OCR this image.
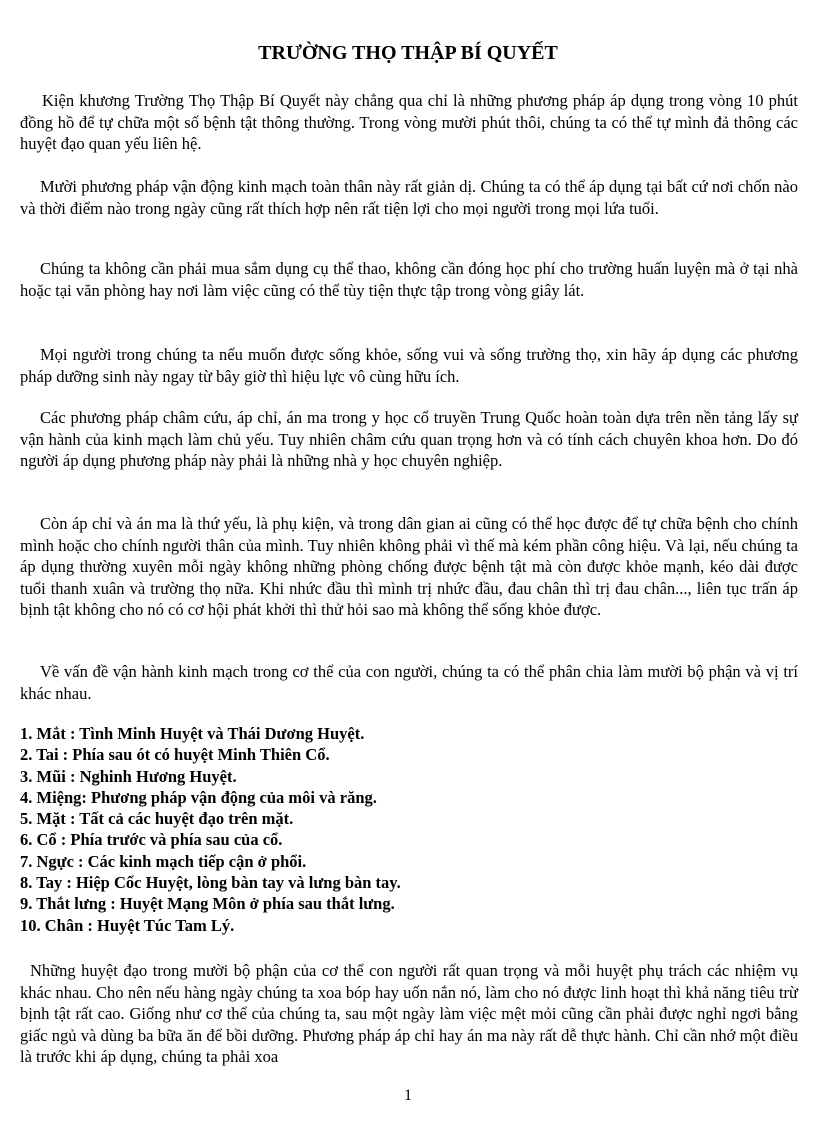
TRƯỜNG THỌ THẬP BÍ QUYẾT

Kiện khương Trường Thọ Thập Bí Quyết này chẳng qua chỉ là những phương pháp áp dụng trong vòng 10 phút đồng hồ để tự chữa một số bệnh tật thông thường. Trong vòng mười phút thôi, chúng ta có thể tự mình đả thông các huyệt đạo quan yếu liên hệ.

Mười phương pháp vận động kinh mạch toàn thân này rất giản dị. Chúng ta có thể áp dụng tại bất cứ nơi chốn nào và thời điểm nào trong ngày cũng rất thích hợp nên rất tiện lợi cho mọi người trong mọi lứa tuổi.

Chúng ta không cần phải mua sắm dụng cụ thể thao, không cần đóng học phí cho trường huấn luyện mà ở tại nhà hoặc tại văn phòng hay nơi làm việc cũng có thể tùy tiện thực tập trong vòng giây lát.

Mọi người trong chúng ta nếu muốn được sống khỏe, sống vui và sống trường thọ, xin hãy áp dụng các phương pháp dưỡng sinh này ngay từ bây giờ thì hiệu lực vô cùng hữu ích.

Các phương pháp châm cứu, áp chỉ, án ma trong y học cổ truyền Trung Quốc hoàn toàn dựa trên nền tảng lấy sự vận hành của kinh mạch làm chủ yếu. Tuy nhiên châm cứu quan trọng hơn và có tính cách chuyên khoa hơn. Do đó người áp dụng phương pháp này phải là những nhà y học chuyên nghiệp.

Còn áp chỉ và án ma là thứ yếu, là phụ kiện, và trong dân gian ai cũng có thể học được để tự chữa bệnh cho chính mình hoặc cho chính người thân của mình. Tuy nhiên không phải vì thế mà kém phần công hiệu. Và lại, nếu chúng ta áp dụng thường xuyên mỗi ngày không những phòng chống được bệnh tật mà còn được khỏe mạnh, kéo dài được tuổi thanh xuân và trường thọ nữa. Khi nhức đầu thì mình trị nhức đầu, đau chân thì trị đau chân..., liên tục trấn áp bịnh tật không cho nó có cơ hội phát khởi thì thử hỏi sao mà không thể sống khỏe được.

Về vấn đề vận hành kinh mạch trong cơ thể của con người, chúng ta có thể phân chia làm mười bộ phận và vị trí khác nhau.

1. Mắt : Tình Minh Huyệt và Thái Dương Huyệt.
2. Tai : Phía sau ót có huyệt Minh Thiên Cổ.
3. Mũi : Nghinh Hương Huyệt.
4. Miệng: Phương pháp vận động của môi và răng.
5. Mặt : Tất cả các huyệt đạo trên mặt.
6. Cổ : Phía trước và phía sau của cổ.
7. Ngực : Các kinh mạch tiếp cận ở phổi.
8. Tay : Hiệp Cốc Huyệt, lòng bàn tay và lưng bàn tay.
9. Thắt lưng : Huyệt Mạng Môn ở phía sau thắt lưng.
10. Chân : Huyệt Túc Tam Lý.

Những huyệt đạo trong mười bộ phận của cơ thể con người rất quan trọng và mỗi huyệt phụ trách các nhiệm vụ khác nhau. Cho nên nếu hàng ngày chúng ta xoa bóp hay uốn nắn nó, làm cho nó được linh hoạt thì khả năng tiêu trừ bịnh tật rất cao. Giống như cơ thể của chúng ta, sau một ngày làm việc mệt mỏi cũng cần phải được nghỉ ngơi bằng giấc ngủ và dùng ba bữa ăn để bồi dưỡng. Phương pháp áp chỉ hay án ma này rất dễ thực hành. Chỉ cần nhớ một điều là trước khi áp dụng, chúng ta phải xoa

1
